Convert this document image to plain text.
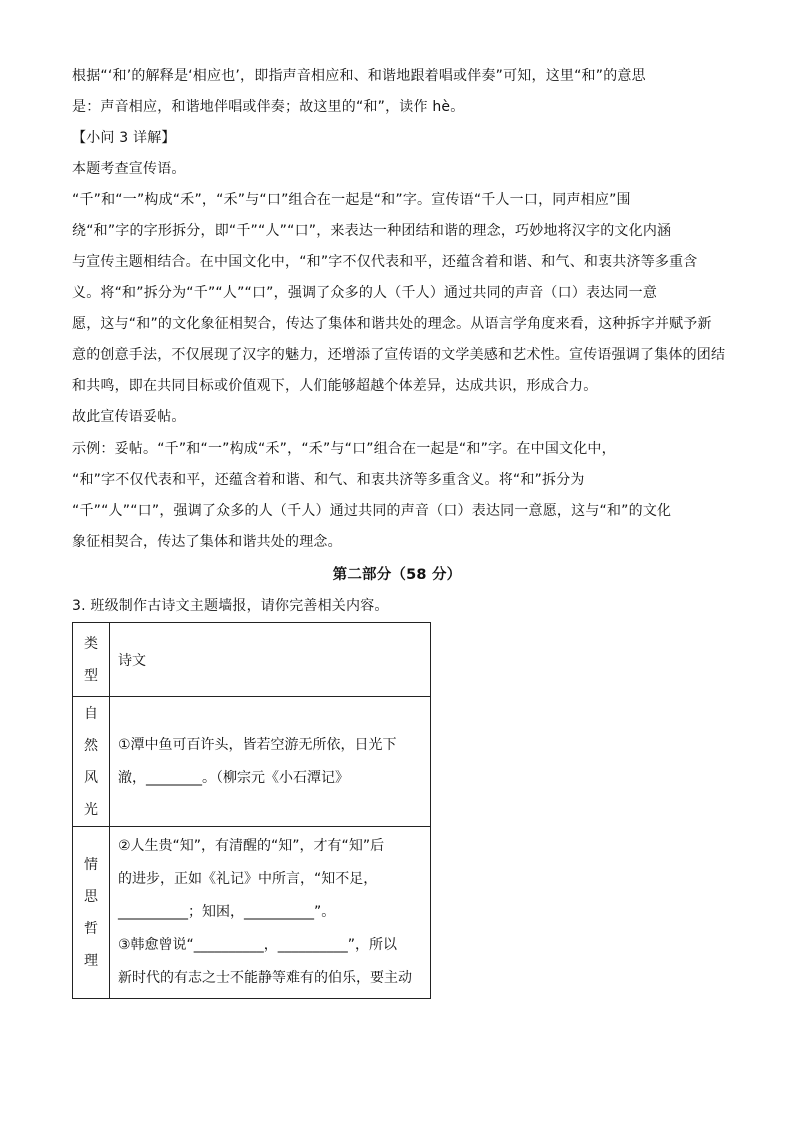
根据“‘和’的解释是‘相应也’，即指声音相应和、和谐地跟着唱或伴奏”可知，这里“和”的意思
是：声音相应，和谐地伴唱或伴奏；故这里的“和”，读作 hè。
【小问 3 详解】
本题考查宣传语。
“千”和“一”构成“禾”，“禾”与“口”组合在一起是“和”字。宣传语“千人一口，同声相应”围
绕“和”字的字形拆分，即“千”“人”“口”，来表达一种团结和谐的理念，巧妙地将汉字的文化内涵
与宣传主题相结合。在中国文化中，“和”字不仅代表和平，还蕴含着和谐、和气、和衷共济等多重含
义。将“和”拆分为“千”“人”“口”，强调了众多的人（千人）通过共同的声音（口）表达同一意
愿，这与“和”的文化象征相契合，传达了集体和谐共处的理念。从语言学角度来看，这种拆字并赋予新
意的创意手法，不仅展现了汉字的魅力，还增添了宣传语的文学美感和艺术性。宣传语强调了集体的团结
和共鸣，即在共同目标或价值观下，人们能够超越个体差异，达成共识，形成合力。
故此宣传语妥帖。
示例：妥帖。“千”和“一”构成“禾”，“禾”与“口”组合在一起是“和”字。在中国文化中，
“和”字不仅代表和平，还蕴含着和谐、和气、和衷共济等多重含义。将“和”拆分为
“千”“人”“口”，强调了众多的人（千人）通过共同的声音（口）表达同一意愿，这与“和”的文化
象征相契合，传达了集体和谐共处的理念。
第二部分（58 分）
3. 班级制作古诗文主题墙报，请你完善相关内容。
类型	诗文

自然风光	①潭中鱼可百许头，皆若空游无所依，日光下
澈，________。（柳宗元《小石潭记》

情思哲理	②人生贵“知”，有清醒的“知”，才有“知”后
的进步，正如《礼记》中所言，“知不足，
__________；知困，__________”。
③韩愈曾说“__________，__________”，所以
新时代的有志之士不能静等难有的伯乐，要主动
